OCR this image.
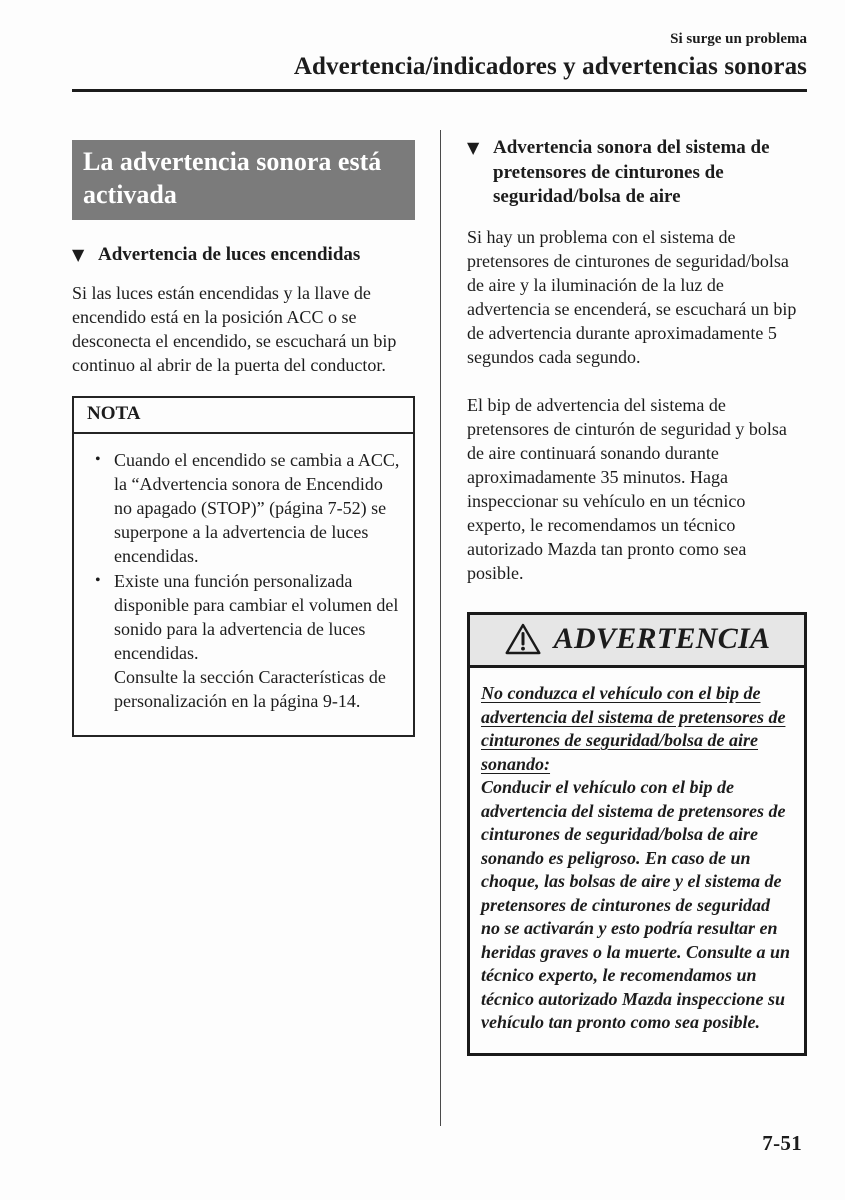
Si surge un problema
Advertencia/​indicadores y advertencias sonoras
La advertencia sonora está activada
▼ Advertencia de luces encendidas

Si las luces están encendidas y la llave de encendido está en la posición ACC o se desconecta el encendido, se escuchará un bip continuo al abrir de la puerta del conductor.

NOTA
• Cuando el encendido se cambia a ACC, la “Advertencia sonora de Encendido no apagado (STOP)” (página 7-52) se superpone a la advertencia de luces encendidas.
• Existe una función personalizada disponible para cambiar el volumen del sonido para la advertencia de luces encendidas.
Consulte la sección Características de personalización en la página 9-14.
▼ Advertencia sonora del sistema de pretensores de cinturones de seguridad/​bolsa de aire

Si hay un problema con el sistema de pretensores de cinturones de seguridad/​bolsa de aire y la iluminación de la luz de advertencia se encenderá, se escuchará un bip de advertencia durante aproximadamente 5 segundos cada segundo.

El bip de advertencia del sistema de pretensores de cinturón de seguridad y bolsa de aire continuará sonando durante aproximadamente 35 minutos. Haga inspeccionar su vehículo en un técnico experto, le recomendamos un técnico autorizado Mazda tan pronto como sea posible.

ADVERTENCIA

No conduzca el vehículo con el bip de advertencia del sistema de pretensores de cinturones de seguridad/​bolsa de aire sonando:

Conducir el vehículo con el bip de advertencia del sistema de pretensores de cinturones de seguridad/​bolsa de aire sonando es peligroso. En caso de un choque, las bolsas de aire y el sistema de pretensores de cinturones de seguridad no se activarán y esto podría resultar en heridas graves o la muerte. Consulte a un técnico experto, le recomendamos un técnico autorizado Mazda inspeccione su vehículo tan pronto como sea posible.

7-51
